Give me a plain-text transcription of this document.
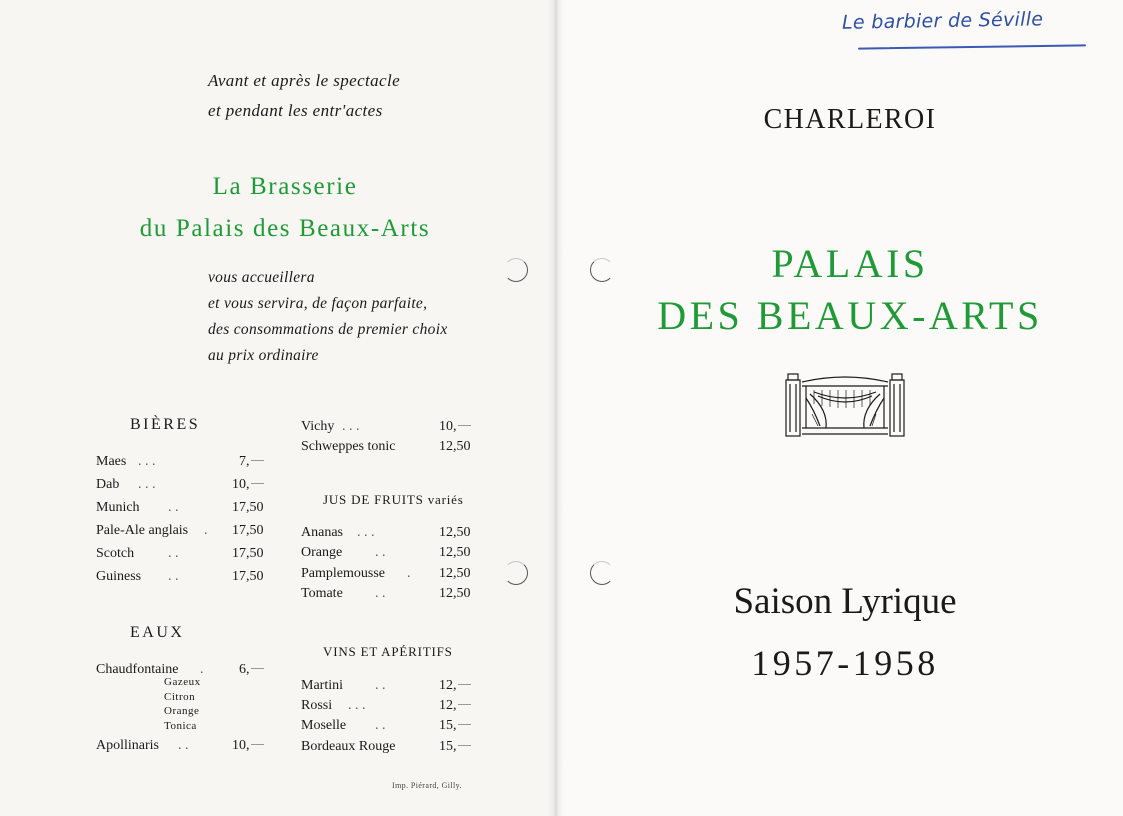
Avant et après le spectacle
et pendant les entr'actes
La Brasserie
du Palais des Beaux-Arts
vous accueillera
et vous servira, de façon parfaite,
des consommations de premier choix
au prix ordinaire
BIÈRES
Maes . . .	7,
Dab . . .	10,
Munich . .	17,50
Pale-Ale anglais . 17,50
Scotch . .	17,50
Guiness . .	17,50
EAUX
Chaudfontaine .	6,
Gazeux
Citron
Orange
Tonica
Apollinaris . .	10,
Vichy . . .	10,
Schweppes tonic	12,50
JUS DE FRUITS variés
Ananas . . .	12,50
Orange . .	12,50
Pamplemousse . 12,50
Tomate . .	12,50
VINS ET APÉRITIFS
Martini . .	12,
Rossi . . .	12,
Moselle . .	15,
Bordeaux Rouge	15,
Imp. Piérard, Gilly.
Le barbier de Séville
CHARLEROI
PALAIS
DES BEAUX-ARTS
Saison Lyrique
1957-1958
